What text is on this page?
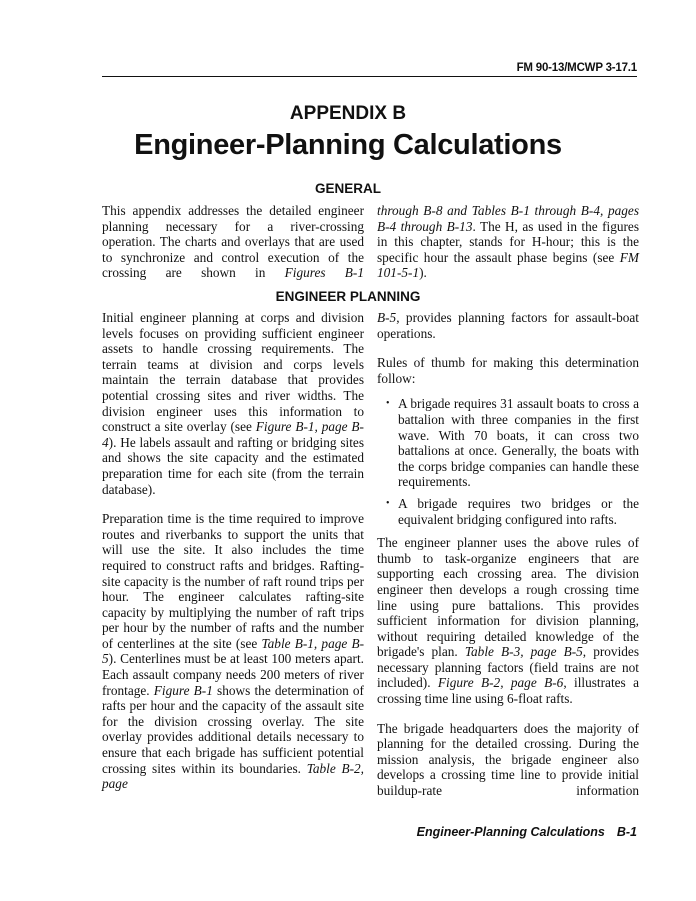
FM 90-13/MCWP 3-17.1
APPENDIX B
Engineer-Planning Calculations
GENERAL

This appendix addresses the detailed engineer planning necessary for a river-crossing operation. The charts and overlays that are used to synchronize and control execution of the crossing are shown in Figures B-1

through B-8 and Tables B-1 through B-4, pages B-4 through B-13. The H, as used in the figures in this chapter, stands for H-hour; this is the specific hour the assault phase begins (see FM 101-5-1).

ENGINEER PLANNING

Initial engineer planning at corps and division levels focuses on providing sufficient engineer assets to handle crossing requirements. The terrain teams at division and corps levels maintain the terrain database that provides potential crossing sites and river widths. The division engineer uses this information to construct a site overlay (see Figure B-1, page B-4). He labels assault and rafting or bridging sites and shows the site capacity and the estimated preparation time for each site (from the terrain database).

Preparation time is the time required to improve routes and riverbanks to support the units that will use the site. It also includes the time required to construct rafts and bridges. Rafting-site capacity is the number of raft round trips per hour. The engineer calculates rafting-site capacity by multiplying the number of raft trips per hour by the number of rafts and the number of centerlines at the site (see Table B-1, page B-5). Centerlines must be at least 100 meters apart. Each assault company needs 200 meters of river frontage. Figure B-1 shows the determination of rafts per hour and the capacity of the assault site for the division crossing overlay. The site overlay provides additional details necessary to ensure that each brigade has sufficient potential crossing sites within its boundaries. Table B-2, page

B-5, provides planning factors for assault-boat operations.

Rules of thumb for making this determination follow:

• A brigade requires 31 assault boats to cross a battalion with three companies in the first wave. With 70 boats, it can cross two battalions at once. Generally, the boats with the corps bridge companies can handle these requirements.
• A brigade requires two bridges or the equivalent bridging configured into rafts.

The engineer planner uses the above rules of thumb to task-organize engineers that are supporting each crossing area. The division engineer then develops a rough crossing time line using pure battalions. This provides sufficient information for division planning, without requiring detailed knowledge of the brigade's plan. Table B-3, page B-5, provides necessary planning factors (field trains are not included). Figure B-2, page B-6, illustrates a crossing time line using 6-float rafts.

The brigade headquarters does the majority of planning for the detailed crossing. During the mission analysis, the brigade engineer also develops a crossing time line to provide initial buildup-rate information

Engineer-Planning Calculations B-1
